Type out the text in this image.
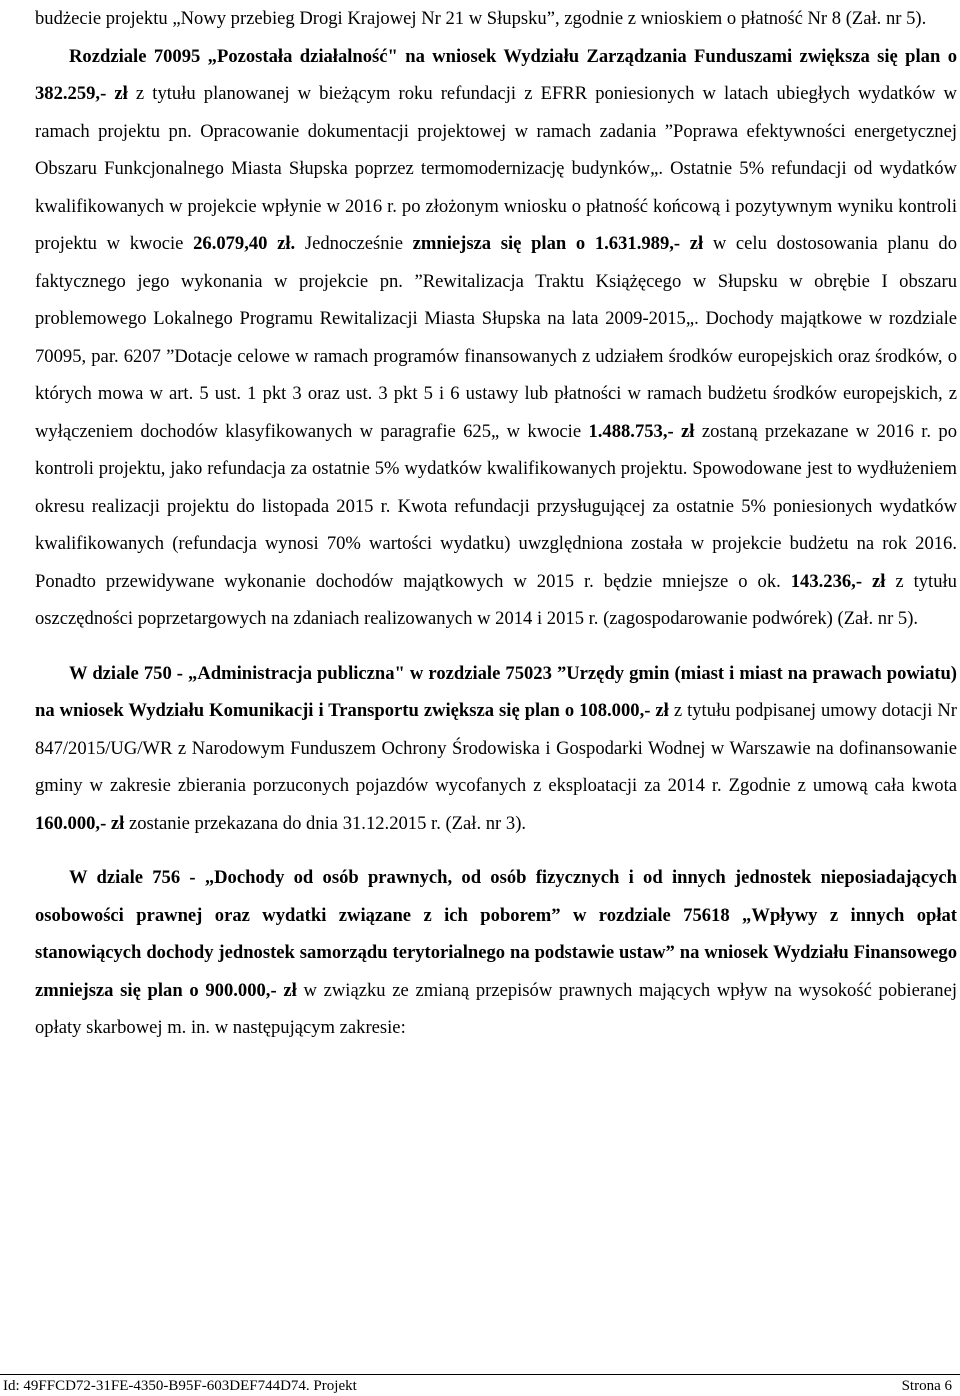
budżecie projektu „Nowy przebieg Drogi Krajowej Nr 21 w Słupsku”, zgodnie z wnioskiem o płatność Nr 8 (Zał. nr 5).

Rozdziale 70095 „Pozostała działalność" na wniosek Wydziału Zarządzania Funduszami zwiększa się plan o 382.259,- zł z tytułu planowanej w bieżącym roku refundacji z EFRR poniesionych w latach ubiegłych wydatków w ramach projektu pn. Opracowanie dokumentacji projektowej w ramach zadania ”Poprawa efektywności energetycznej Obszaru Funkcjonalnego Miasta Słupska poprzez termomodernizację budynków„. Ostatnie 5% refundacji od wydatków kwalifikowanych w projekcie wpłynie w 2016 r. po złożonym wniosku o płatność końcową i pozytywnym wyniku kontroli projektu w kwocie 26.079,40 zł. Jednocześnie zmniejsza się plan o 1.631.989,- zł w celu dostosowania planu do faktycznego jego wykonania w projekcie pn. ”Rewitalizacja Traktu Książęcego w Słupsku w obrębie I obszaru problemowego Lokalnego Programu Rewitalizacji Miasta Słupska na lata 2009-2015„. Dochody majątkowe w rozdziale 70095, par. 6207 ”Dotacje celowe w ramach programów finansowanych z udziałem środków europejskich oraz środków, o których mowa w art. 5 ust. 1 pkt 3 oraz ust. 3 pkt 5 i 6 ustawy lub płatności w ramach budżetu środków europejskich, z wyłączeniem dochodów klasyfikowanych w paragrafie 625„ w kwocie 1.488.753,- zł zostaną przekazane w 2016 r. po kontroli projektu, jako refundacja za ostatnie 5% wydatków kwalifikowanych projektu. Spowodowane jest to wydłużeniem okresu realizacji projektu do listopada 2015 r. Kwota refundacji przysługującej za ostatnie 5% poniesionych wydatków kwalifikowanych (refundacja wynosi 70% wartości wydatku) uwzględniona została w projekcie budżetu na rok 2016. Ponadto przewidywane wykonanie dochodów majątkowych w 2015 r. będzie mniejsze o ok. 143.236,- zł z tytułu oszczędności poprzetargowych na zdaniach realizowanych w 2014 i 2015 r. (zagospodarowanie podwórek) (Zał. nr 5).

W dziale 750 - „Administracja publiczna" w rozdziale 75023 ”Urzędy gmin (miast i miast na prawach powiatu) na wniosek Wydziału Komunikacji i Transportu zwiększa się plan o 108.000,- zł z tytułu podpisanej umowy dotacji Nr 847/2015/UG/WR z Narodowym Funduszem Ochrony Środowiska i Gospodarki Wodnej w Warszawie na dofinansowanie gminy w zakresie zbierania porzuconych pojazdów wycofanych z eksploatacji za 2014 r. Zgodnie z umową cała kwota 160.000,- zł zostanie przekazana do dnia 31.12.2015 r. (Zał. nr 3).

W dziale 756 - „Dochody od osób prawnych, od osób fizycznych i od innych jednostek nieposiadających osobowości prawnej oraz wydatki związane z ich poborem” w rozdziale 75618 „Wpływy z innych opłat stanowiących dochody jednostek samorządu terytorialnego na podstawie ustaw” na wniosek Wydziału Finansowego zmniejsza się plan o 900.000,- zł w związku ze zmianą przepisów prawnych mających wpływ na wysokość pobieranej opłaty skarbowej m. in. w następującym zakresie:

Id: 49FFCD72-31FE-4350-B95F-603DEF744D74. Projekt	Strona 6
